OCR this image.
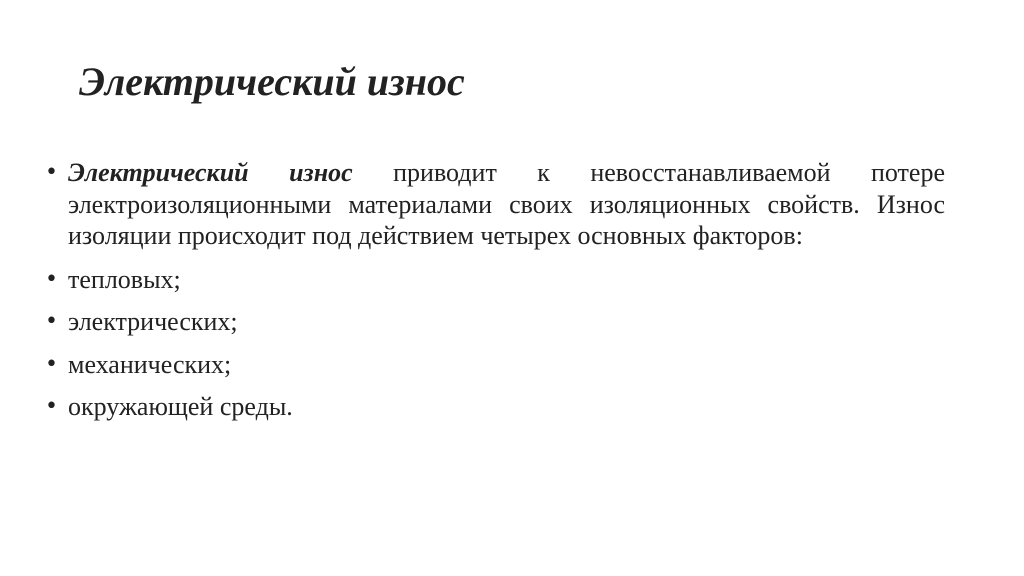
Электрический износ
• Электрический износ приводит к невосстанавливаемой потере электроизоляционными материалами своих изоляционных свойств. Износ изоляции происходит под действием четырех основных факторов:
• тепловых;
• электрических;
• механических;
• окружающей среды.
